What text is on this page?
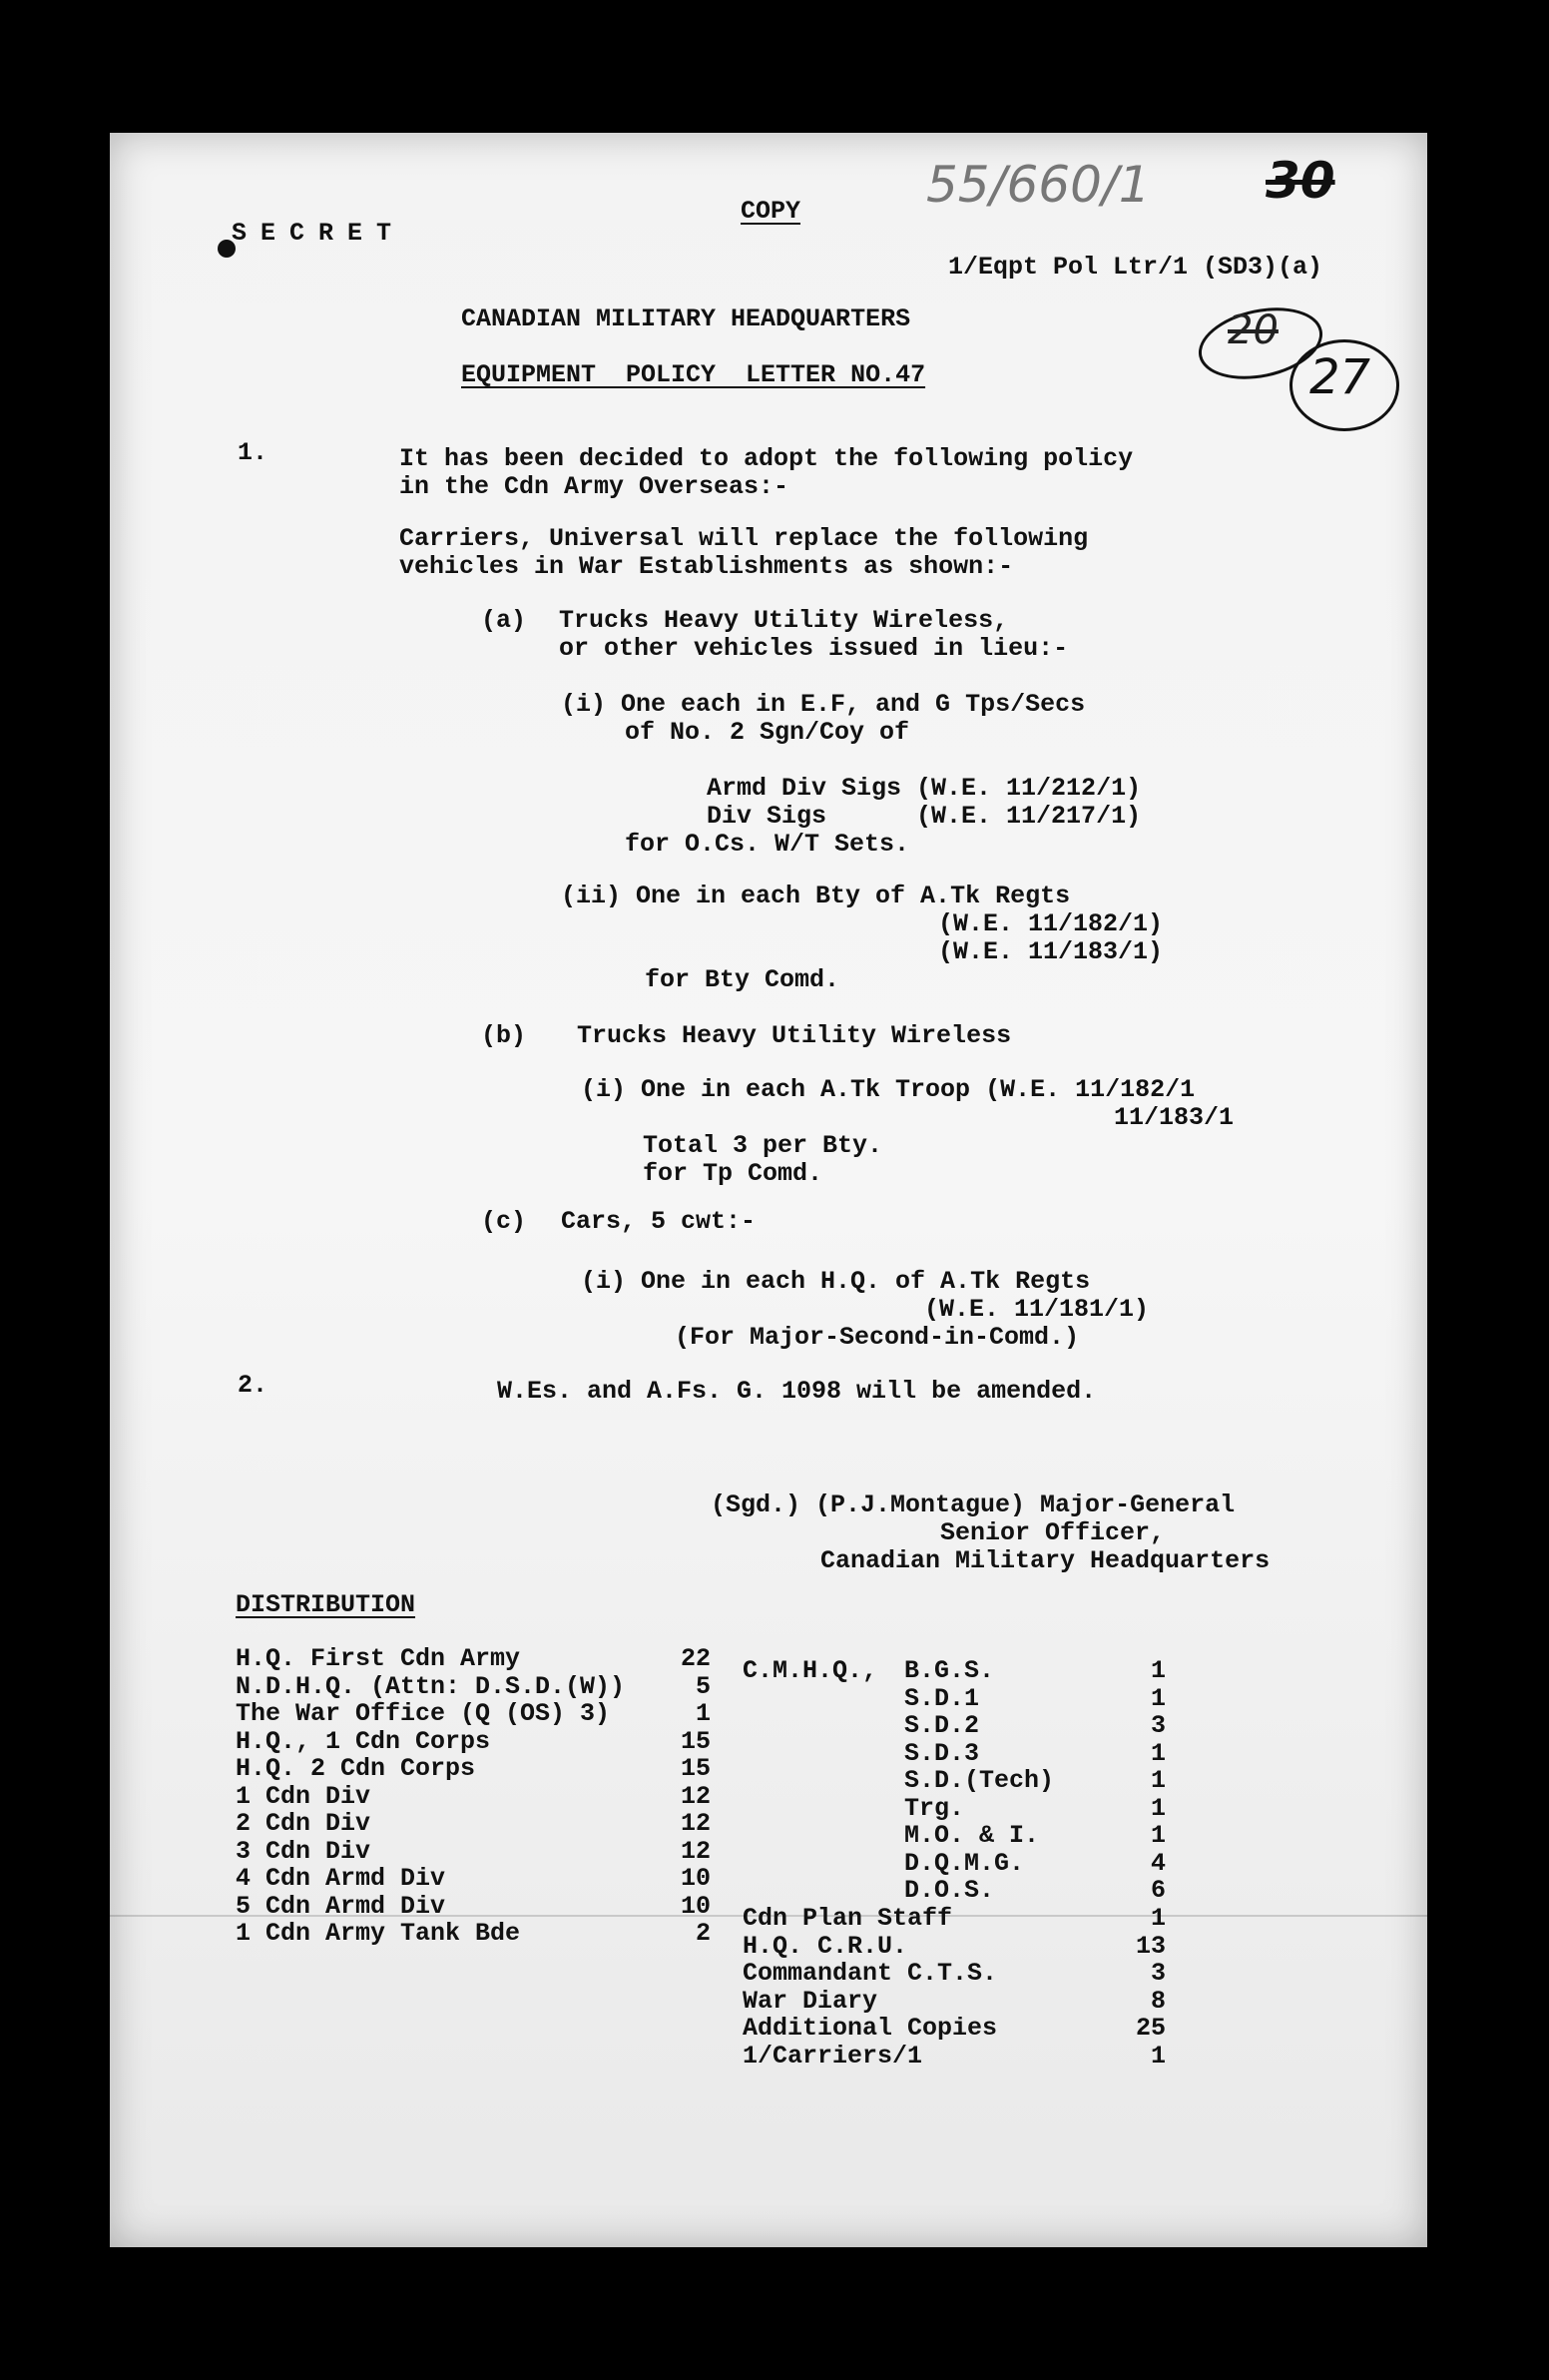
SECRET
COPY	55/660/1 30
1/Eqpt Pol Ltr/1 (SD3)(a)
20
27
CANADIAN MILITARY HEADQUARTERS
EQUIPMENT  POLICY  LETTER NO.47
1.	It has been decided to adopt the following policy
in the Cdn Army Overseas:-
Carriers, Universal will replace the following
vehicles in War Establishments as shown:-
(a) Trucks Heavy Utility Wireless,
or other vehicles issued in lieu:-
(i) One each in E.F, and G Tps/Secs
of No. 2 Sgn/Coy of
Armd Div Sigs (W.E. 11/212/1)
Div Sigs      (W.E. 11/217/1)
for O.Cs. W/T Sets.
(ii) One in each Bty of A.Tk Regts
(W.E. 11/182/1)
(W.E. 11/183/1)
for Bty Comd.
(b) Trucks Heavy Utility Wireless
(i) One in each A.Tk Troop (W.E. 11/182/1
11/183/1
Total 3 per Bty.
for Tp Comd.
(c) Cars, 5 cwt:-
(i) One in each H.Q. of A.Tk Regts
(W.E. 11/181/1)
(For Major-Second-in-Comd.)
2.	W.Es. and A.Fs. G. 1098 will be amended.
(Sgd.) (P.J.Montague) Major-General
Senior Officer,
Canadian Military Headquarters
DISTRIBUTION
H.Q. First Cdn Army	22
N.D.H.Q. (Attn: D.S.D.(W))	5
The War Office (Q (OS) 3)	1
H.Q., 1 Cdn Corps	15
H.Q. 2 Cdn Corps	15
1 Cdn Div	12
2 Cdn Div	12
3 Cdn Div	12
4 Cdn Armd Div	10
5 Cdn Armd Div	10
1 Cdn Army Tank Bde	2
C.M.H.Q., B.G.S.	1
S.D.1	1
S.D.2	3
S.D.3	1
S.D.(Tech)	1
Trg.	1
M.O. & I.	1
D.Q.M.G.	4
D.O.S.	6
Cdn Plan Staff	1
H.Q. C.R.U.	13
Commandant C.T.S.	3
War Diary	8
Additional Copies	25
1/Carriers/1	1
